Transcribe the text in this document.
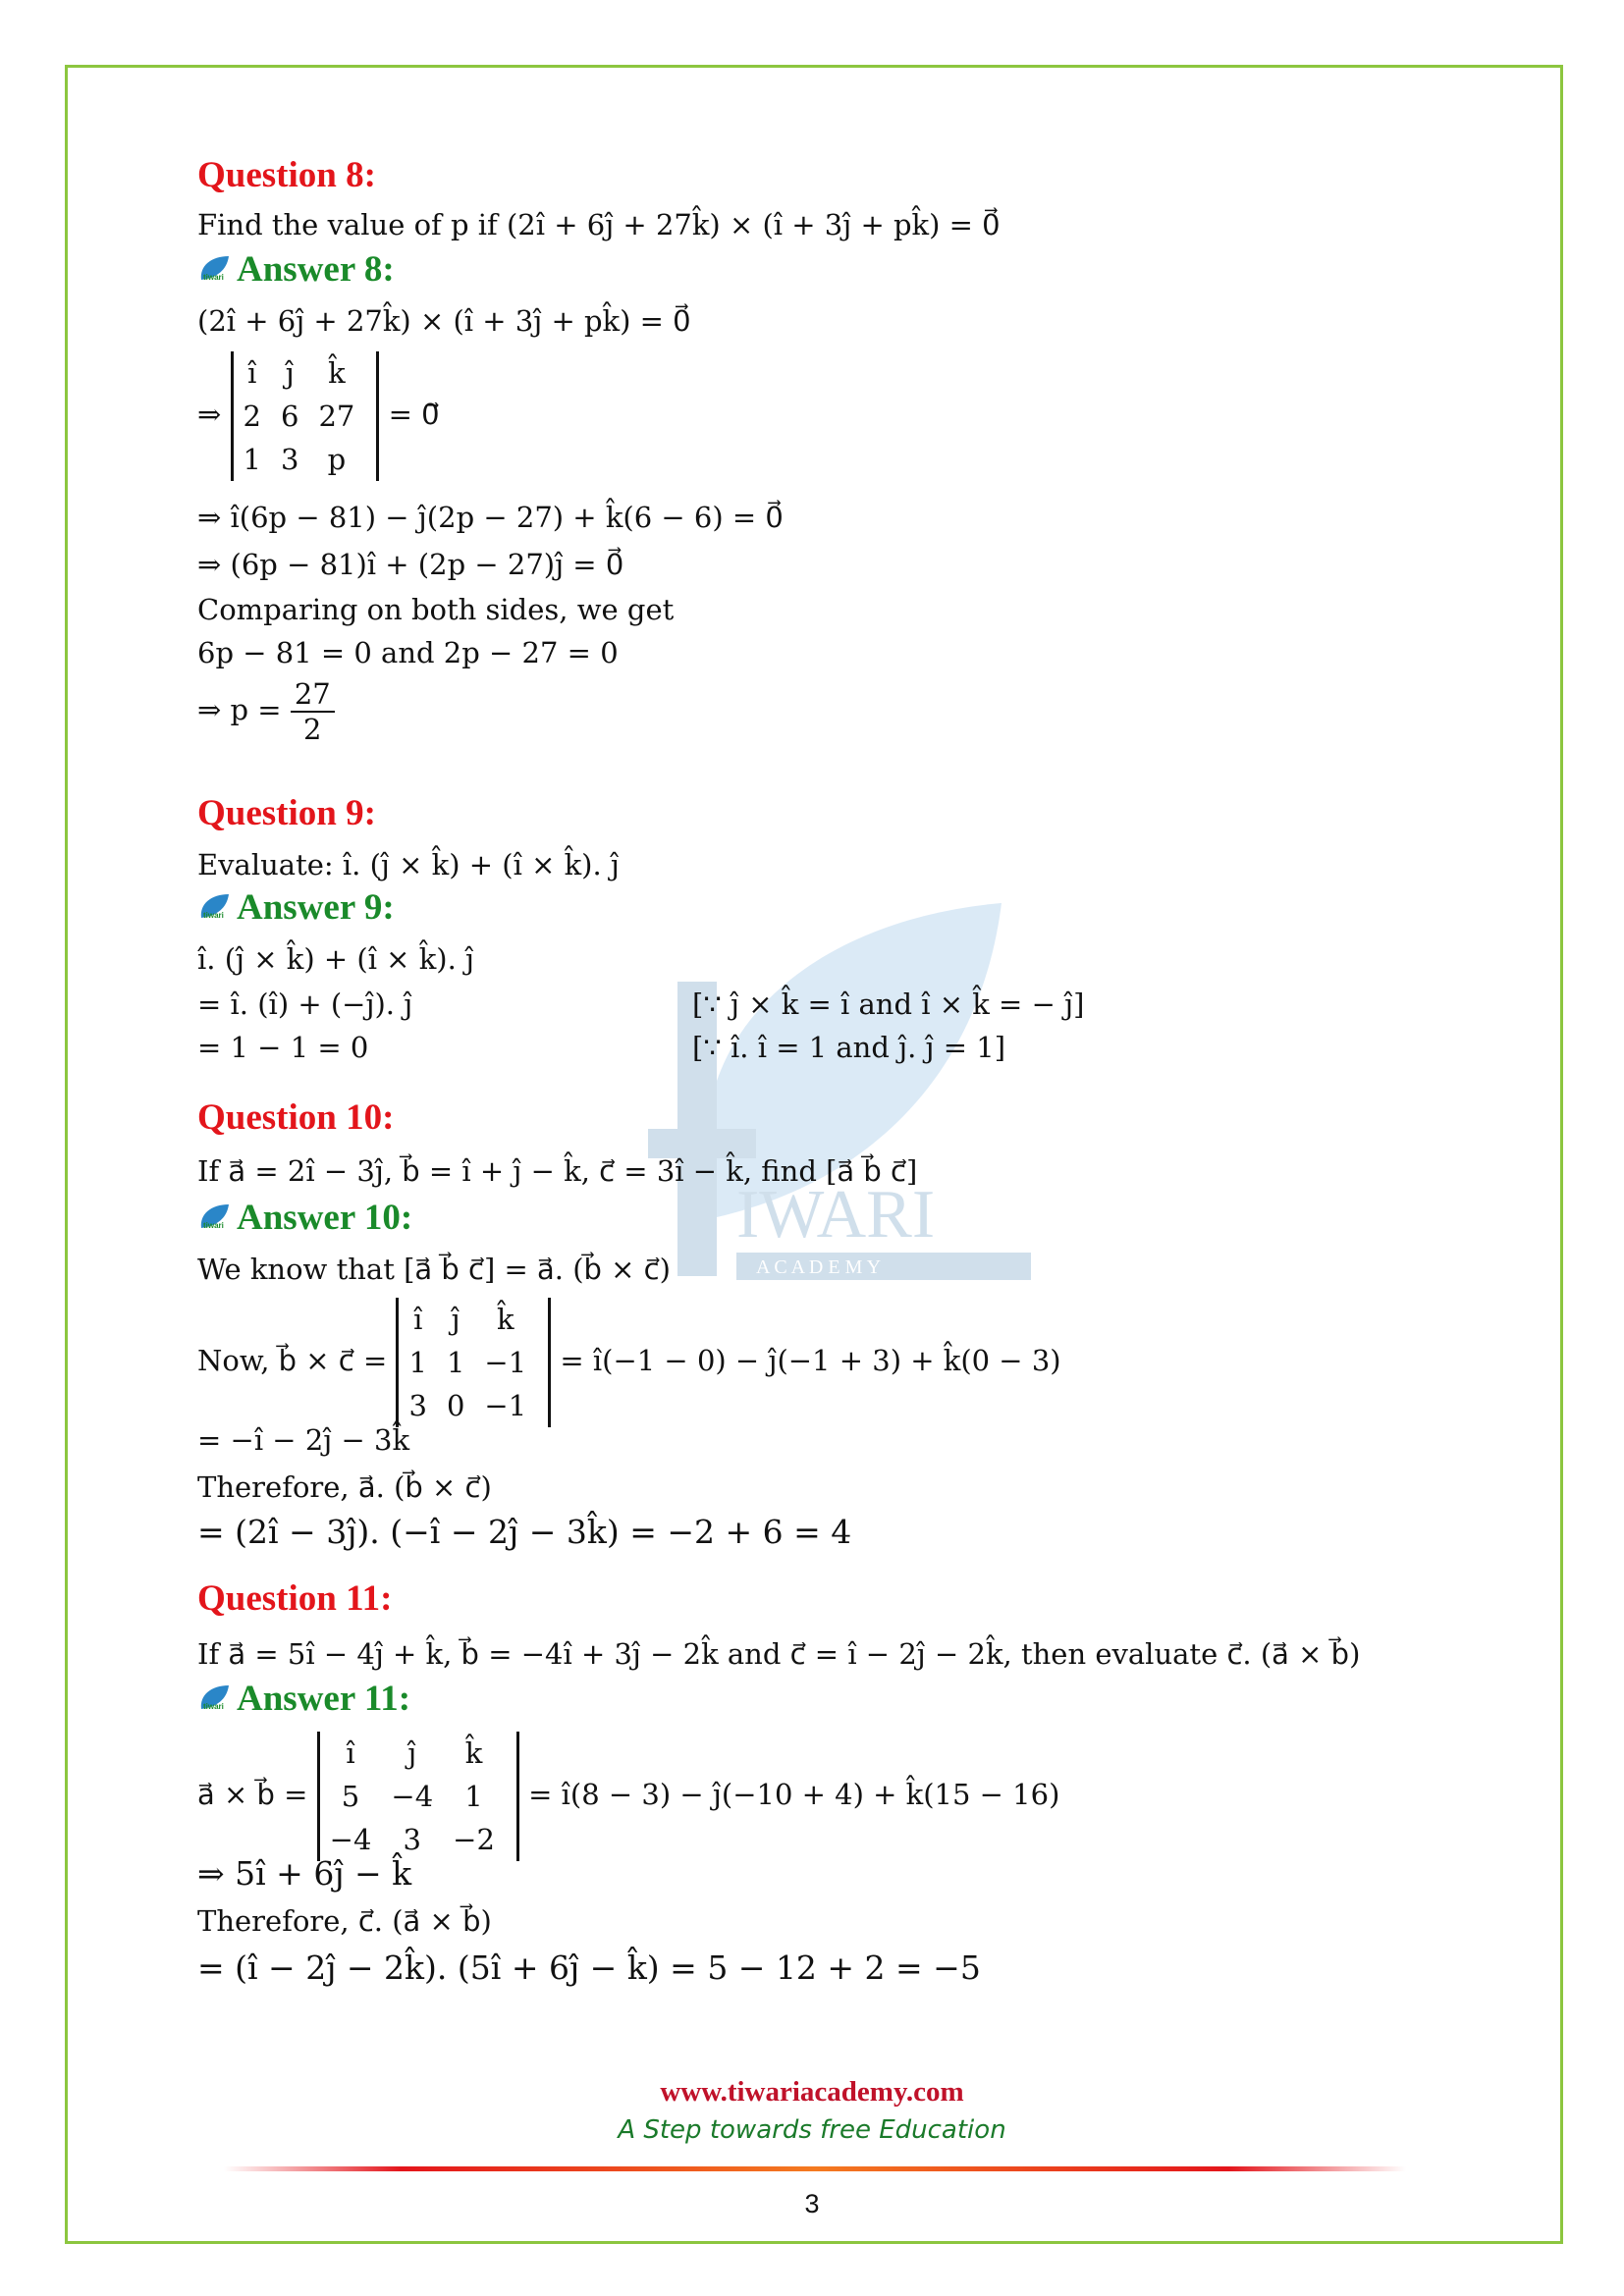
IWARI
A C A D E M Y
Question 8:
Find the value of p if (2î + 6ĵ + 27k̂) × (î + 3ĵ + pk̂) = 0⃗
tiwari Answer 8:
(2î + 6ĵ + 27k̂) × (î + 3ĵ + pk̂) = 0⃗
⇒
î	ĵ	k̂
2	6	27
1	3	p
= 0⃗
⇒ î(6p − 81) − ĵ(2p − 27) + k̂(6 − 6) = 0⃗
⇒ (6p − 81)î + (2p − 27)ĵ = 0⃗
Comparing on both sides, we get
6p − 81 = 0 and 2p − 27 = 0
⇒ $p = \frac{27}{2}$
Question 9:
Evaluate: î. (ĵ × k̂) + (î × k̂). ĵ
tiwari Answer 9:
î. (ĵ × k̂) + (î × k̂). ĵ
= î. (î) + (−ĵ). ĵ	[∵ ĵ × k̂ = î and î × k̂ = − ĵ]
= 1 − 1 = 0	[∵ î. î = 1 and ĵ. ĵ = 1]
Question 10:
If a⃗ = 2î − 3ĵ, b⃗ = î + ĵ − k̂, c⃗ = 3î − k̂, find [a⃗ b⃗ c⃗]
tiwari Answer 10:
We know that [a⃗ b⃗ c⃗] = a⃗. (b⃗ × c⃗)
Now, b⃗ × c⃗ =
î	ĵ	k̂
1	1	−1
3	0	−1
= î(−1 − 0) − ĵ(−1 + 3) + k̂(0 − 3)
= −î − 2ĵ − 3k̂
Therefore, a⃗. (b⃗ × c⃗)
= (2î − 3ĵ). (−î − 2ĵ − 3k̂) = −2 + 6 = 4
Question 11:
If a⃗ = 5î − 4ĵ + k̂, b⃗ = −4î + 3ĵ − 2k̂ and c⃗ = î − 2ĵ − 2k̂, then evaluate c⃗. (a⃗ × b⃗)
tiwari Answer 11:
a⃗ × b⃗ =
î	ĵ	k̂
5	−4	1
−4	3	−2
= î(8 − 3) − ĵ(−10 + 4) + k̂(15 − 16)
⇒ 5î + 6ĵ − k̂
Therefore, c⃗. (a⃗ × b⃗)
= (î − 2ĵ − 2k̂). (5î + 6ĵ − k̂) = 5 − 12 + 2 = −5
www.tiwariacademy.com
A Step towards free Education
3
